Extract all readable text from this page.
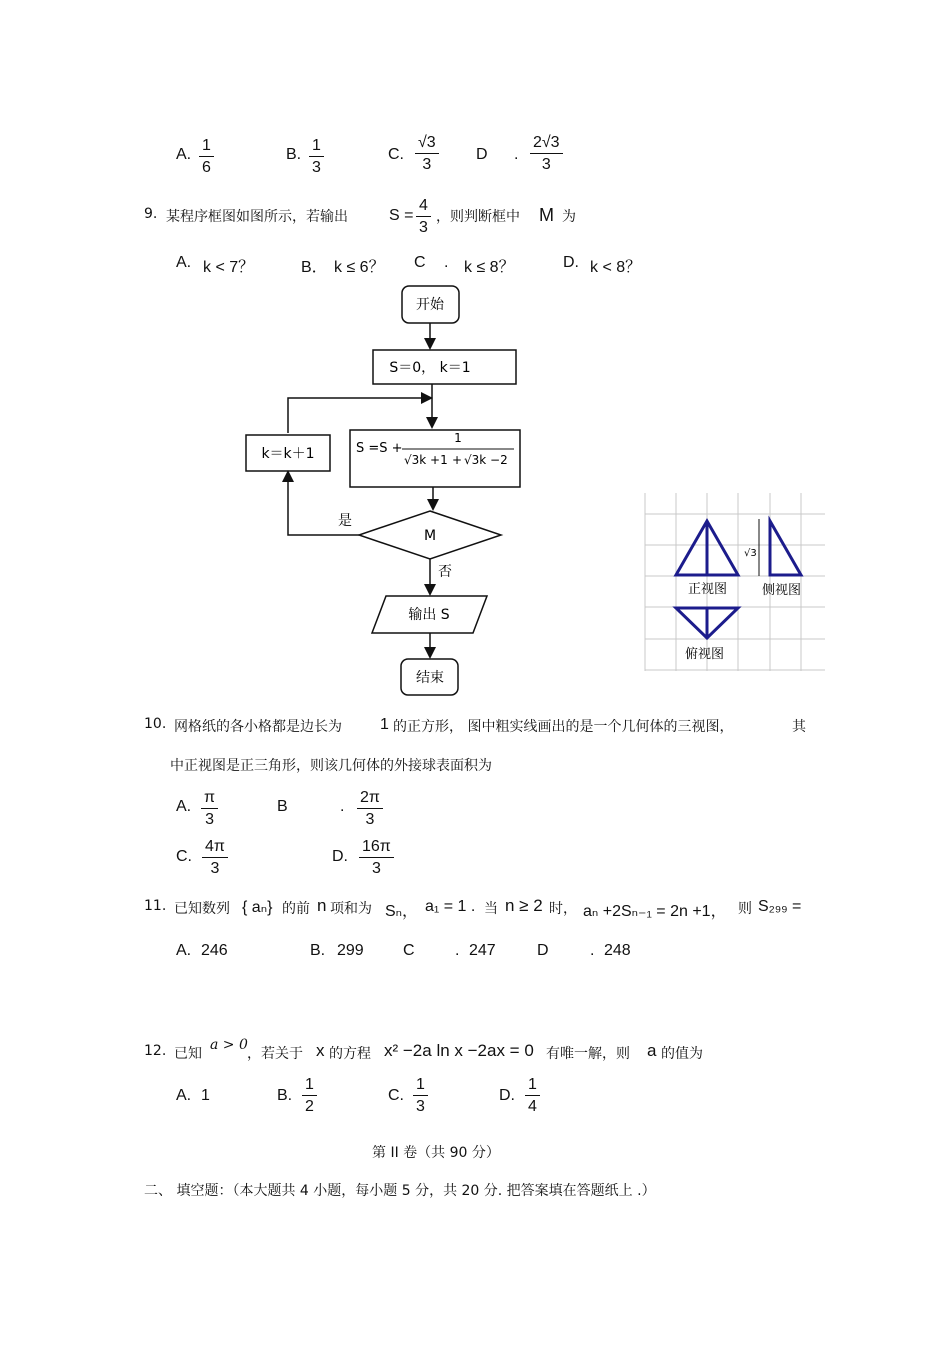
A. $\frac{1}{6}$	B. $\frac{1}{3}$	C. $\frac{√3}{3}$ D . $\frac{2√3}{3}$
9. 某程序框图如图所示，若输出	$S = \frac{4}{3}$ ，则判断框中 M 为
A. k < 7？	B． k ≤ 6？ C . k ≤ 8？	D. k < 8？
开始
S＝0， k＝1
k＝k＋1	S =S +
1
√3k +1 + √3k −2
M
是
否
输出 S
结束
√3
正视图	侧视图
俯视图
10. 网格纸的各小格都是边长为 1 的正方形， 图中粗实线画出的是一个几何体的三视图，	其
中正视图是正三角形，则该几何体的外接球表面积为
A. $\frac{\pi}{3}$	B	. $\frac{2\pi}{3}$
C. $\frac{4\pi}{3}$	D. $\frac{16\pi}{3}$
11. 已知数列 { aₙ} 的前 n 项和为 Sₙ， a₁ = 1 . 当 n ≥ 2 时， aₙ +2Sₙ₋₁ = 2n +1， 则 S₂₉₉ =
A. 246	B. 299 C	. 247	D	. 248
12. 已知
a > 0
，若关于 x 的方程 x² −2a ln x −2ax = 0 有唯一解，则 a 的值为
A. 1	B. $\frac{1}{2}$	C. $\frac{1}{3}$	D. $\frac{1}{4}$
第 II 卷（共 90 分）
二、 填空题：（本大题共 4 小题，每小题 5 分，共 20 分. 把答案填在答题纸上 .）
